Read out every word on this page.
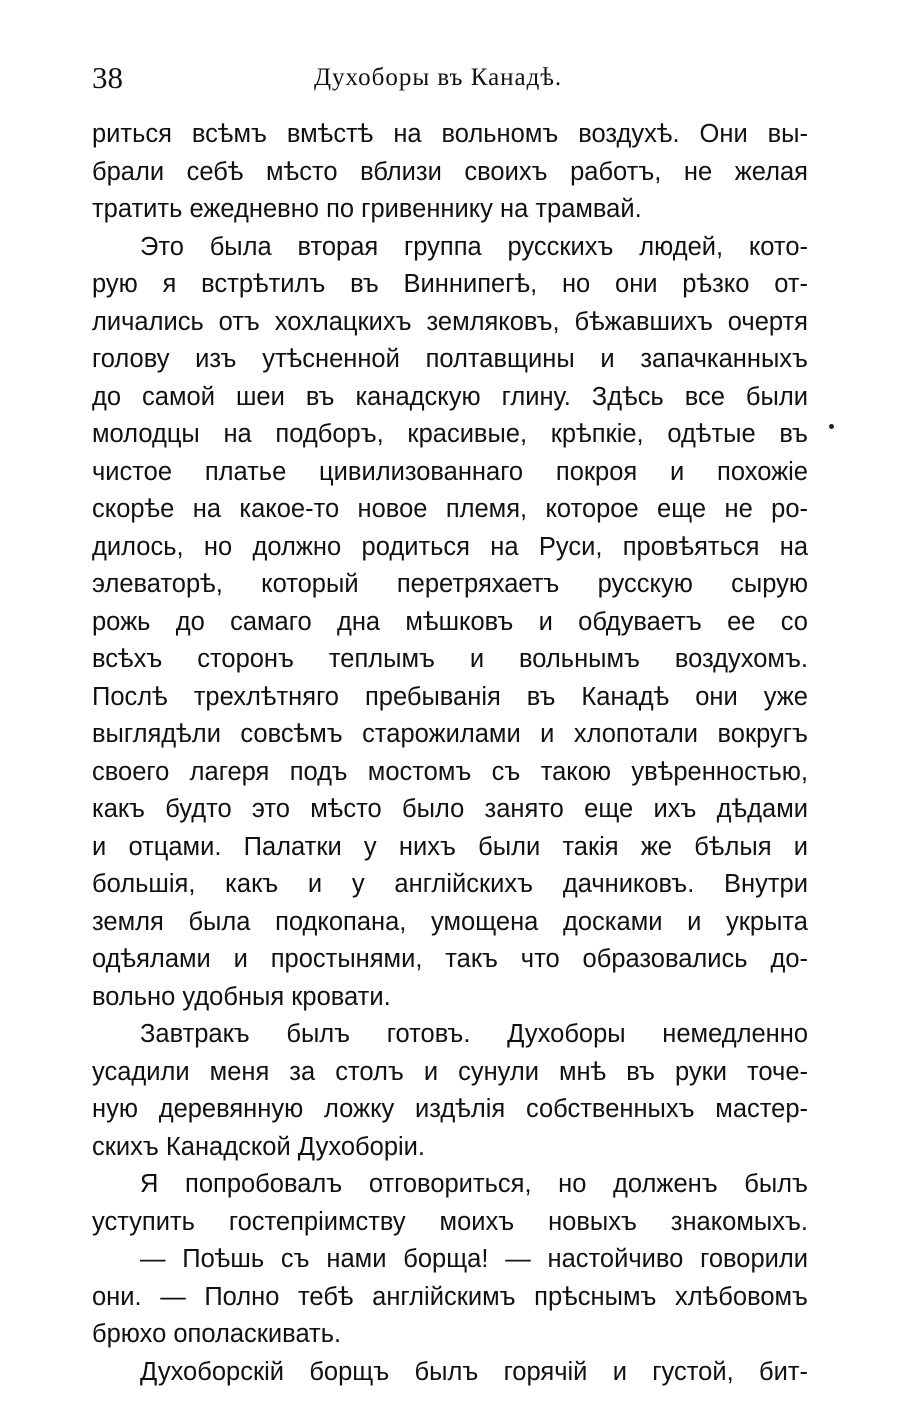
38	Духоборы въ Канадѣ.
риться всѣмъ вмѣстѣ на вольномъ воздухѣ. Они вы-
брали себѣ мѣсто вблизи своихъ работъ, не желая
тратить ежедневно по гривеннику на трамвай.
Это была вторая группа русскихъ людей, кото-
рую я встрѣтилъ въ Виннипегѣ, но они рѣзко от-
личались отъ хохлацкихъ земляковъ, бѣжавшихъ очертя
голову изъ утѣсненной полтавщины и запачканныхъ
до самой шеи въ канадскую глину. Здѣсь все были
молодцы на подборъ, красивые, крѣпкіе, одѣтые въ
чистое платье цивилизованнаго покроя и похожіе
скорѣе на какое-то новое племя, которое еще не ро-
дилось, но должно родиться на Руси, провѣяться на
элеваторѣ, который перетряхаетъ русскую сырую
рожь до самаго дна мѣшковъ и обдуваетъ ее со
всѣхъ сторонъ теплымъ и вольнымъ воздухомъ.
Послѣ трехлѣтняго пребыванія въ Канадѣ они уже
выглядѣли совсѣмъ старожилами и хлопотали вокругъ
своего лагеря подъ мостомъ съ такою увѣренностью,
какъ будто это мѣсто было занято еще ихъ дѣдами
и отцами. Палатки у нихъ были такія же бѣлыя и
большія, какъ и у англійскихъ дачниковъ. Внутри
земля была подкопана, умощена досками и укрыта
одѣялами и простынями, такъ что образовались до-
вольно удобныя кровати.
Завтракъ былъ готовъ. Духоборы немедленно
усадили меня за столъ и сунули мнѣ въ руки точе-
ную деревянную ложку издѣлія собственныхъ мастер-
скихъ Канадской Духоборіи.
Я попробовалъ отговориться, но долженъ былъ
уступить гостепріимству моихъ новыхъ знакомыхъ.
— Поѣшь съ нами борща! — настойчиво говорили
они. — Полно тебѣ англійскимъ прѣснымъ хлѣбовомъ
брюхо ополаскивать.
Духоборскій борщъ былъ горячій и густой, бит-
